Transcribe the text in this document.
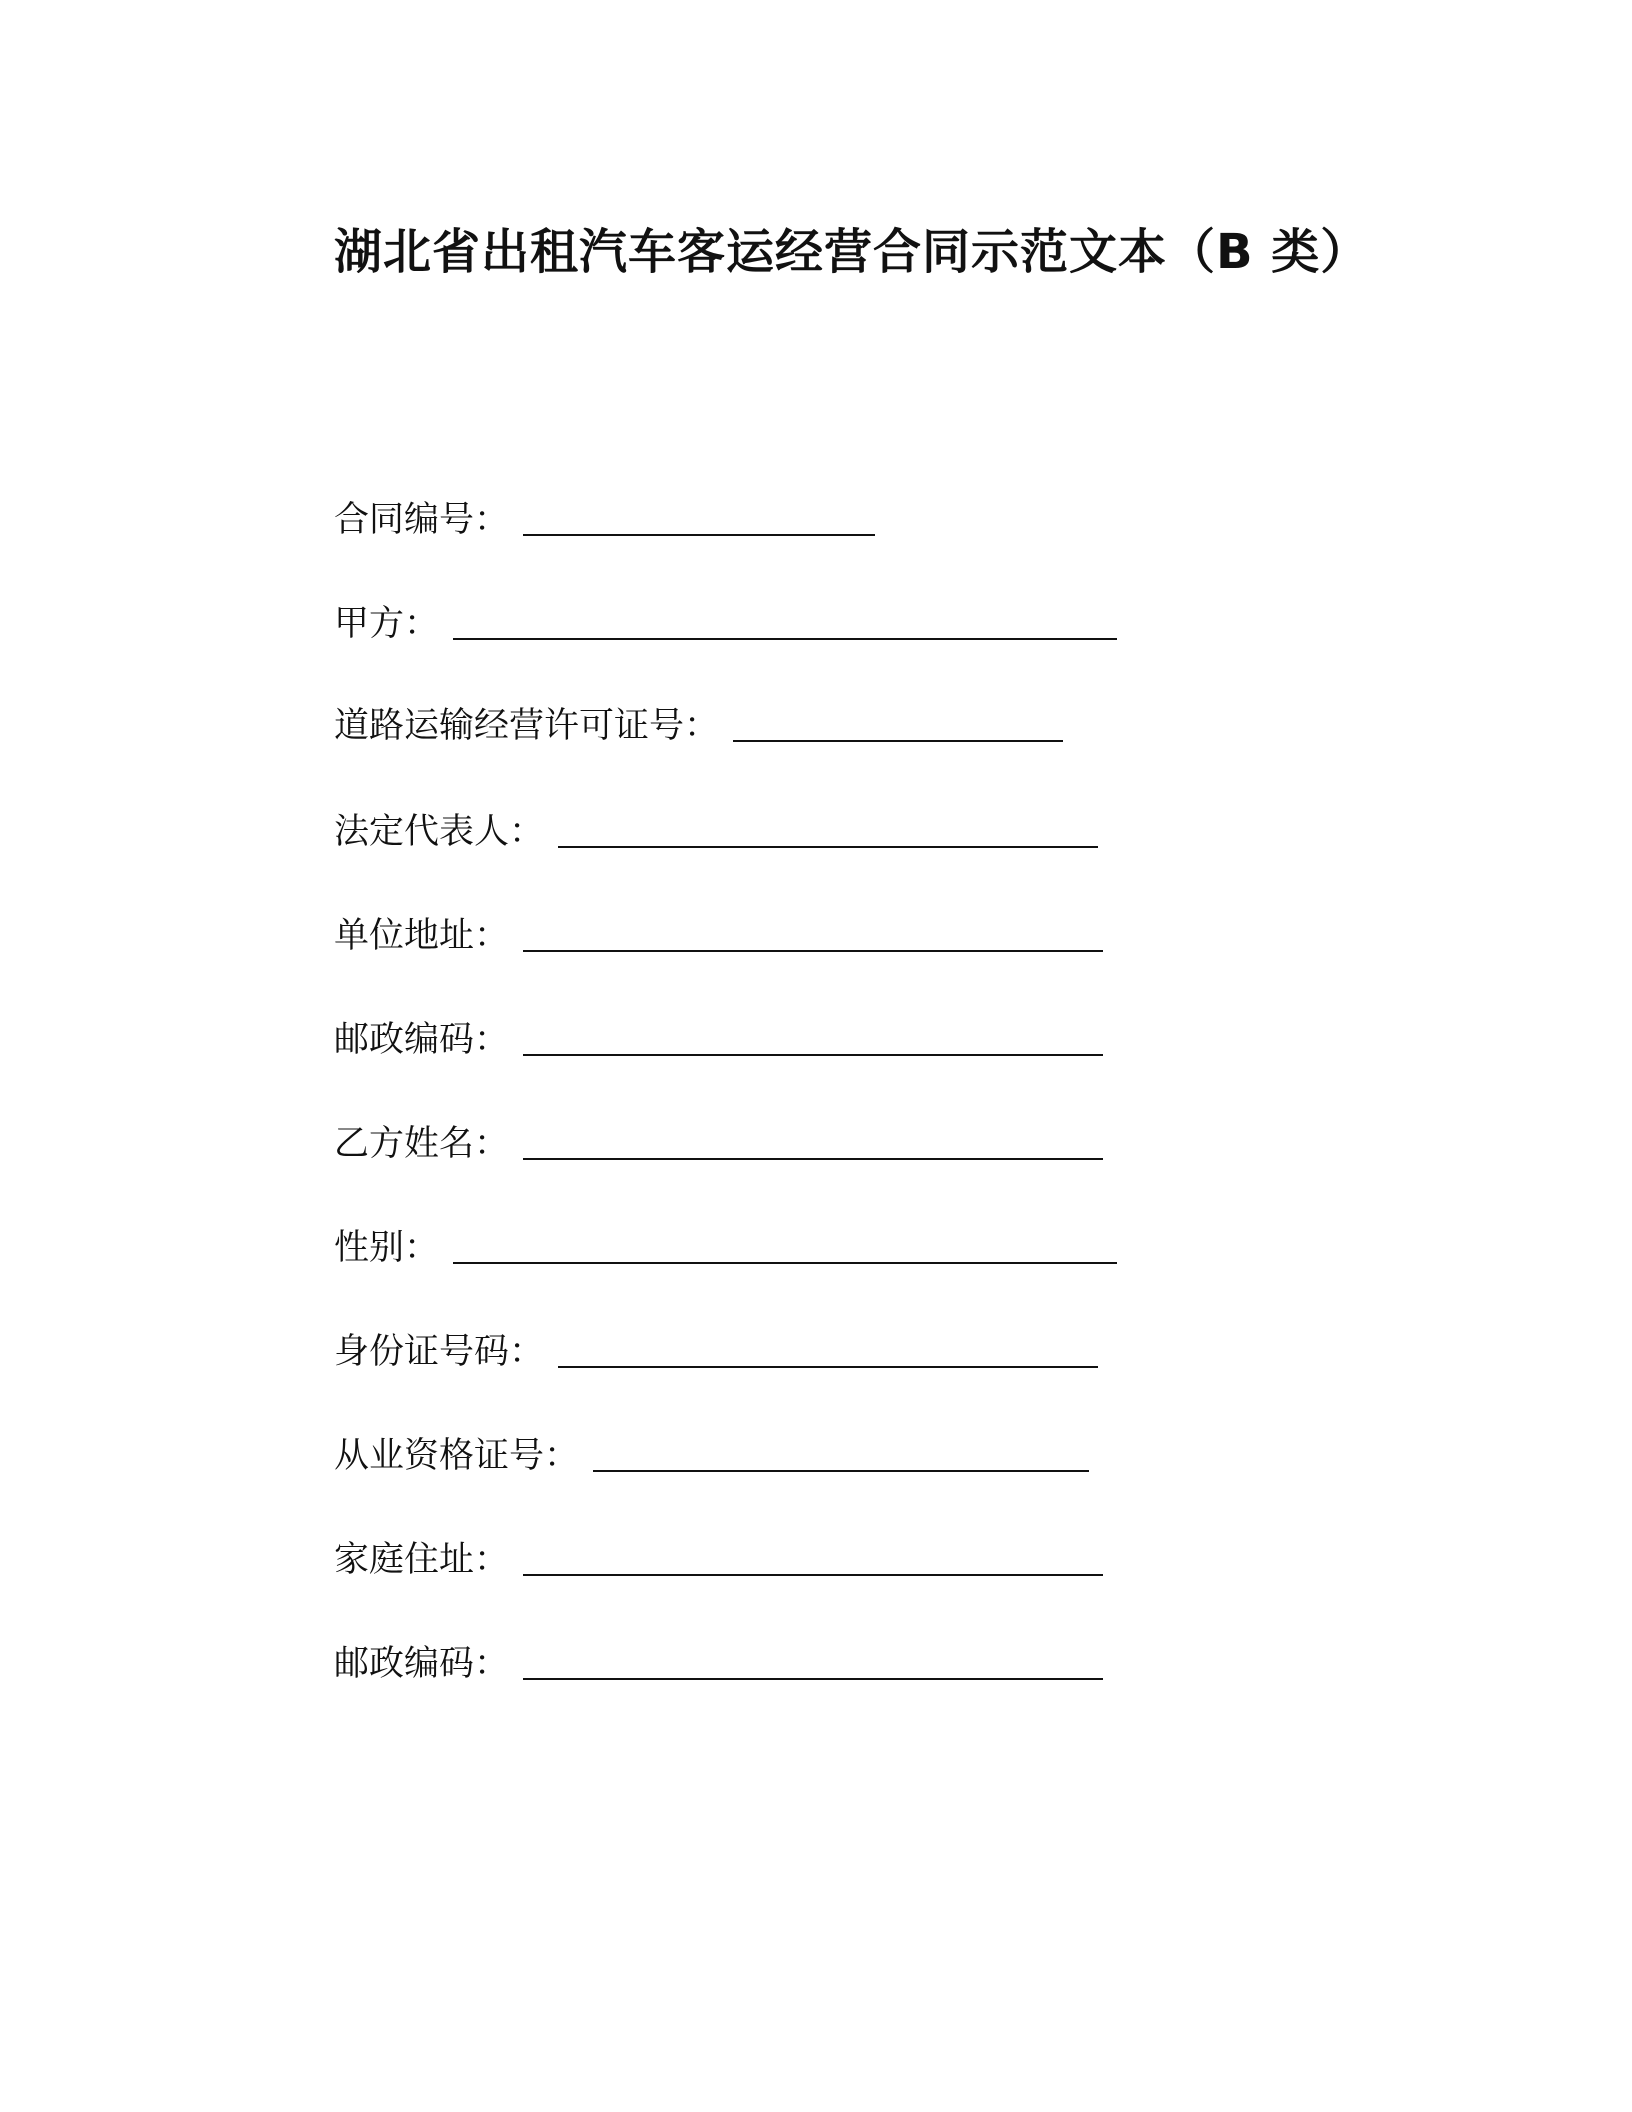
湖北省出租汽车客运经营合同示范文本（B 类）
合同编号 ：
甲方 ：
道路运输经营许可证号 ：
法定代表人 ：
单位地址 ：
邮政编码 ：
乙方姓名 ：
性别 ：
身份证号码 ：
从业资格证号 ：
家庭住址 ：
邮政编码 ：
